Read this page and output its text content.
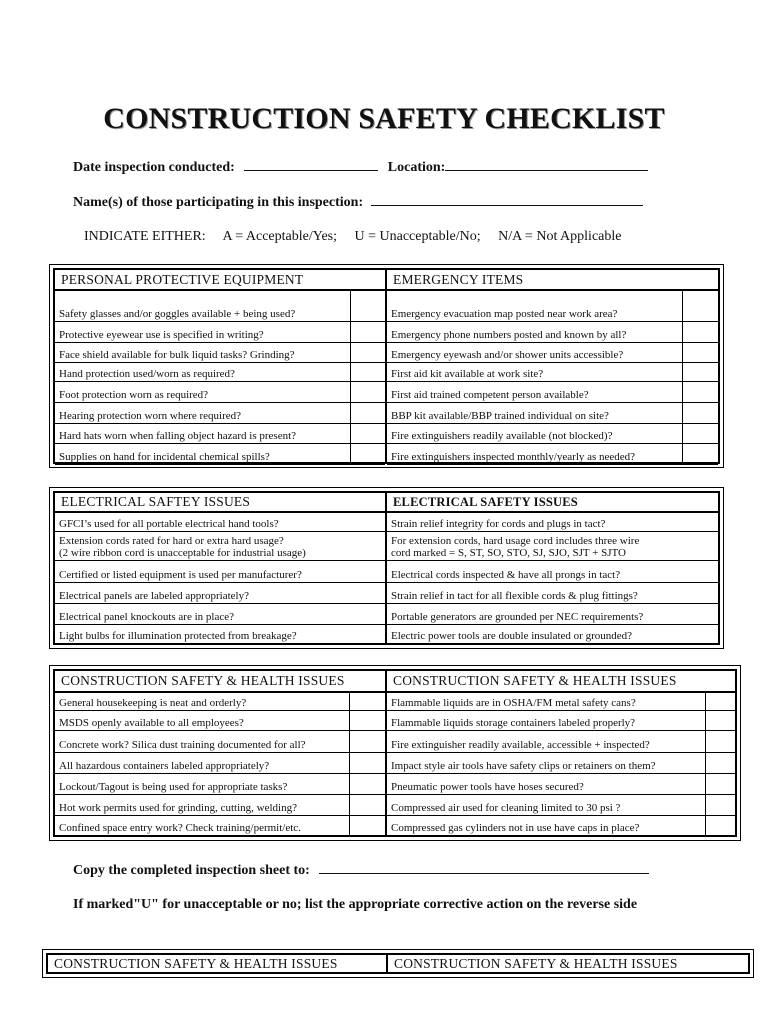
CONSTRUCTION SAFETY CHECKLIST
Date inspection conducted:	Location:
Name(s) of those participating in this inspection:
INDICATE EITHER: A = Acceptable/Yes; U = Unacceptable/No; N/A = Not Applicable
PERSONAL PROTECTIVE EQUIPMENT
Safety glasses and/or goggles available + being used?
Protective eyewear use is specified in writing?
Face shield available for bulk liquid tasks? Grinding?
Hand protection used/worn as required?
Foot protection worn as required?
Hearing protection worn where required?
Hard hats worn when falling object hazard is present?
Supplies on hand for incidental chemical spills?
EMERGENCY ITEMS
Emergency evacuation map posted near work area?
Emergency phone numbers posted and known by all?
Emergency eyewash and/or shower units accessible?
First aid kit available at work site?
First aid trained competent person available?
BBP kit available/BBP trained individual on site?
Fire extinguishers readily available (not blocked)?
Fire extinguishers inspected monthly/yearly as needed?
ELECTRICAL SAFTEY ISSUES
GFCI’s used for all portable electrical hand tools?
Extension cords rated for hard or extra hard usage?
(2 wire ribbon cord is unacceptable for industrial usage)
Certified or listed equipment is used per manufacturer?
Electrical panels are labeled appropriately?
Electrical panel knockouts are in place?
Light bulbs for illumination protected from breakage?
ELECTRICAL SAFETY ISSUES
Strain relief integrity for cords and plugs in tact?
For extension cords, hard usage cord includes three wire
cord marked = S, ST, SO, STO, SJ, SJO, SJT + SJTO
Electrical cords inspected & have all prongs in tact?
Strain relief in tact for all flexible cords & plug fittings?
Portable generators are grounded per NEC requirements?
Electric power tools are double insulated or grounded?
CONSTRUCTION SAFETY & HEALTH ISSUES
General housekeeping is neat and orderly?
MSDS openly available to all employees?
Concrete work? Silica dust training documented for all?
All hazardous containers labeled appropriately?
Lockout/Tagout is being used for appropriate tasks?
Hot work permits used for grinding, cutting, welding?
Confined space entry work? Check training/permit/etc.
CONSTRUCTION SAFETY & HEALTH ISSUES
Flammable liquids are in OSHA/FM metal safety cans?
Flammable liquids storage containers labeled properly?
Fire extinguisher readily available, accessible + inspected?
Impact style air tools have safety clips or retainers on them?
Pneumatic power tools have hoses secured?
Compressed air used for cleaning limited to 30 psi ?
Compressed gas cylinders not in use have caps in place?
Copy the completed inspection sheet to:
If marked"U" for unacceptable or no; list the appropriate corrective action on the reverse side
CONSTRUCTION SAFETY & HEALTH ISSUES	CONSTRUCTION SAFETY & HEALTH ISSUES
